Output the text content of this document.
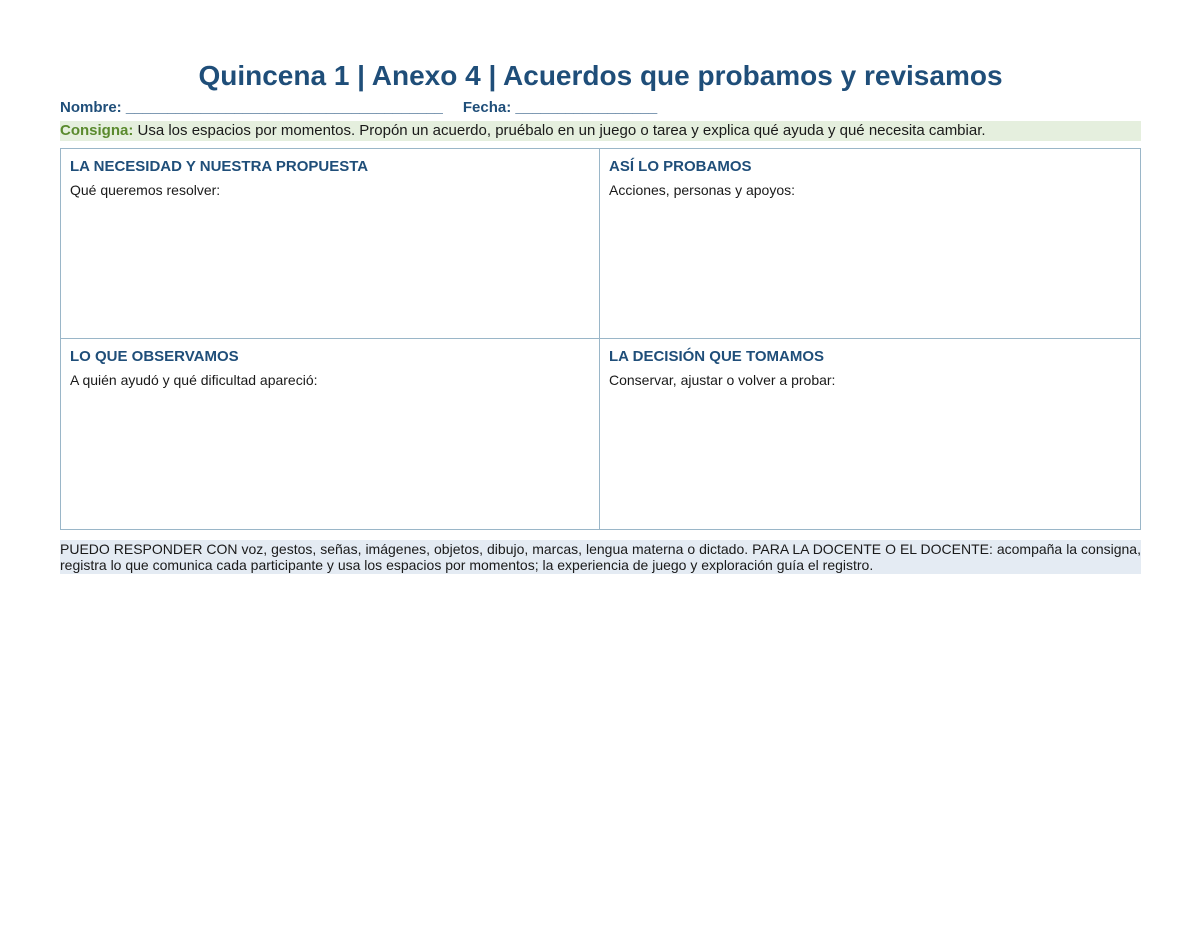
Quincena 1 | Anexo 4 | Acuerdos que probamos y revisamos
Nombre: ______________________________________ Fecha: _________________
Consigna: Usa los espacios por momentos. Propón un acuerdo, pruébalo en un juego o tarea y explica qué ayuda y qué necesita cambiar.
LA NECESIDAD Y NUESTRA PROPUESTA
Qué queremos resolver:
ASÍ LO PROBAMOS
Acciones, personas y apoyos:
LO QUE OBSERVAMOS
A quién ayudó y qué dificultad apareció:
LA DECISIÓN QUE TOMAMOS
Conservar, ajustar o volver a probar:
PUEDO RESPONDER CON voz, gestos, señas, imágenes, objetos, dibujo, marcas, lengua materna o dictado. PARA LA DOCENTE O EL DOCENTE: acompaña la consigna, registra lo que comunica cada participante y usa los espacios por momentos; la experiencia de juego y exploración guía el registro.
